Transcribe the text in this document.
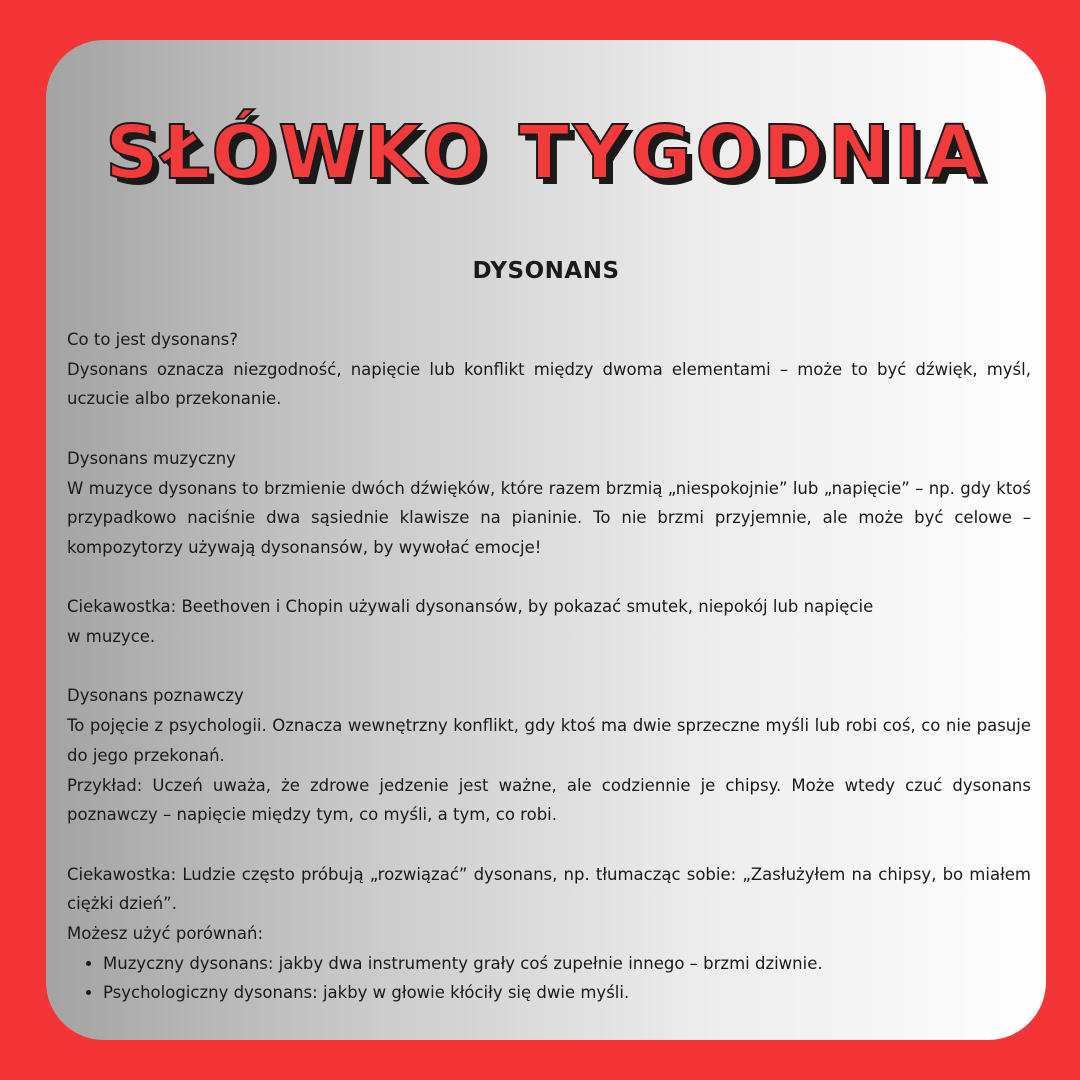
SŁÓWKO TYGODNIA
DYSONANS

Co to jest dysonans?

Dysonans oznacza niezgodność, napięcie lub konflikt między dwoma elementami – może to być dźwięk, myśl, uczucie albo przekonanie.

Dysonans muzyczny

W muzyce dysonans to brzmienie dwóch dźwięków, które razem brzmią „niespokojnie” lub „napięcie” – np. gdy ktoś przypadkowo naciśnie dwa sąsiednie klawisze na pianinie. To nie brzmi przyjemnie, ale może być celowe – kompozytorzy używają dysonansów, by wywołać emocje!

Ciekawostka: Beethoven i Chopin używali dysonansów, by pokazać smutek, niepokój lub napięcie

w muzyce.

Dysonans poznawczy

To pojęcie z psychologii. Oznacza wewnętrzny konflikt, gdy ktoś ma dwie sprzeczne myśli lub robi coś, co nie pasuje do jego przekonań.

Przykład: Uczeń uważa, że zdrowe jedzenie jest ważne, ale codziennie je chipsy. Może wtedy czuć dysonans poznawczy – napięcie między tym, co myśli, a tym, co robi.

Ciekawostka: Ludzie często próbują „rozwiązać” dysonans, np. tłumacząc sobie: „Zasłużyłem na chipsy, bo miałem ciężki dzień”.

Możesz użyć porównań:

• Muzyczny dysonans: jakby dwa instrumenty grały coś zupełnie innego – brzmi dziwnie.
• Psychologiczny dysonans: jakby w głowie kłóciły się dwie myśli.
